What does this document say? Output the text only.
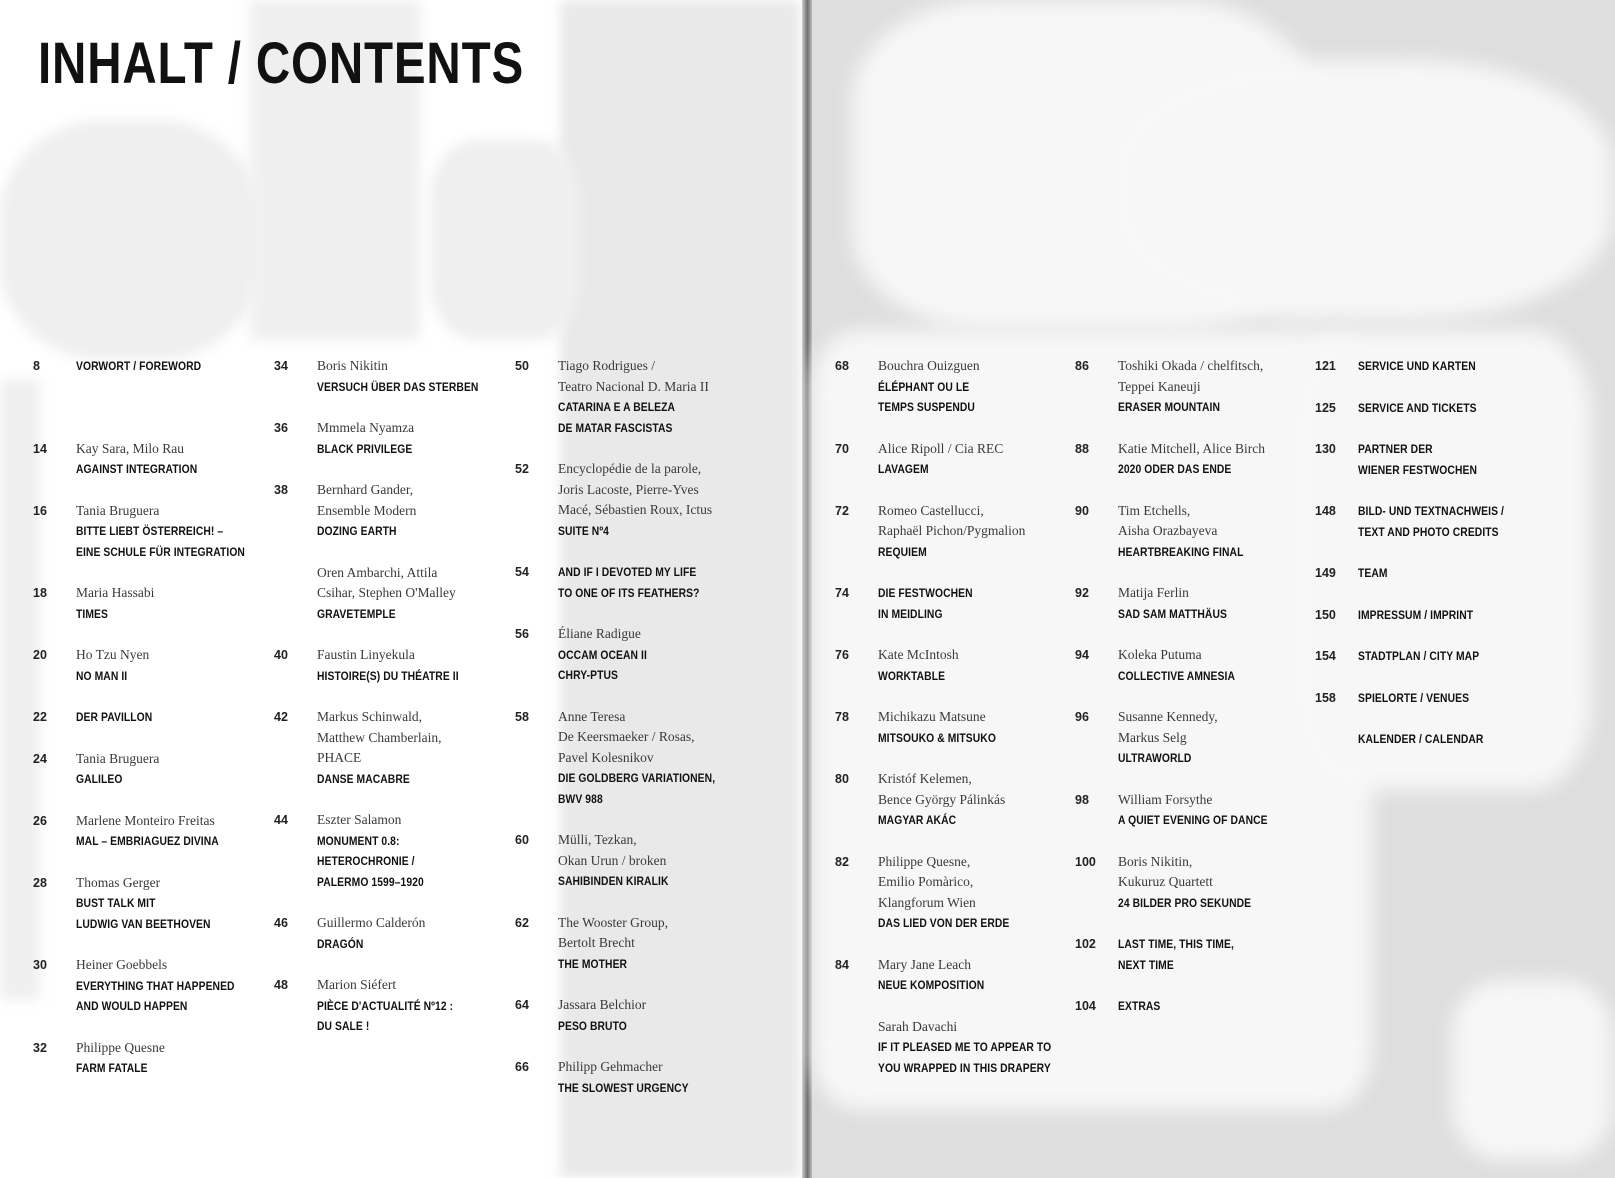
INHALT / CONTENTS
8	VORWORT / FOREWORD
14 Kay Sara, Milo Rau
AGAINST INTEGRATION
16 Tania Bruguera
BITTE LIEBT ÖSTERREICH! –
EINE SCHULE FÜR INTEGRATION
18 Maria Hassabi
TIMES
20 Ho Tzu Nyen
NO MAN II
22 DER PAVILLON
24 Tania Bruguera
GALILEO
26 Marlene Monteiro Freitas
MAL – EMBRIAGUEZ DIVINA
28 Thomas Gerger
BUST TALK MIT
LUDWIG VAN BEETHOVEN
30 Heiner Goebbels
EVERYTHING THAT HAPPENED
AND WOULD HAPPEN
32 Philippe Quesne
FARM FATALE
34 Boris Nikitin
VERSUCH ÜBER DAS STERBEN
36 Mmmela Nyamza
BLACK PRIVILEGE
38 Bernhard Gander,
Ensemble Modern
DOZING EARTH
Oren Ambarchi, Attila
Csihar, Stephen O'Malley
GRAVETEMPLE
40 Faustin Linyekula
HISTOIRE(S) DU THÉATRE II
42 Markus Schinwald,
Matthew Chamberlain,
PHACE
DANSE MACABRE
44 Eszter Salamon
MONUMENT 0.8:
HETEROCHRONIE /
PALERMO 1599–1920
46 Guillermo Calderón
DRAGÓN
48 Marion Siéfert
PIÈCE D'ACTUALITÉ Nº12 :
DU SALE !
50 Tiago Rodrigues /
Teatro Nacional D. Maria II
CATARINA E A BELEZA
DE MATAR FASCISTAS
52 Encyclopédie de la parole,
Joris Lacoste, Pierre-Yves
Macé, Sébastien Roux, Ictus
SUITE Nº4
54 AND IF I DEVOTED MY LIFE
TO ONE OF ITS FEATHERS?
56 Éliane Radigue
OCCAM OCEAN II
CHRY-PTUS
58 Anne Teresa
De Keersmaeker / Rosas,
Pavel Kolesnikov
DIE GOLDBERG VARIATIONEN,
BWV 988
60 Mülli, Tezkan,
Okan Urun / broken
SAHIBINDEN KIRALIK
62 The Wooster Group,
Bertolt Brecht
THE MOTHER
64 Jassara Belchior
PESO BRUTO
66 Philipp Gehmacher
THE SLOWEST URGENCY
68 Bouchra Ouizguen
ÉLÉPHANT OU LE
TEMPS SUSPENDU
70 Alice Ripoll / Cia REC
LAVAGEM
72 Romeo Castellucci,
Raphaël Pichon/Pygmalion
REQUIEM
74 DIE FESTWOCHEN
IN MEIDLING
76 Kate McIntosh
WORKTABLE
78 Michikazu Matsune
MITSOUKO & MITSUKO
80 Kristóf Kelemen,
Bence György Pálinkás
MAGYAR AKÁC
82 Philippe Quesne,
Emilio Pomàrico,
Klangforum Wien
DAS LIED VON DER ERDE
84 Mary Jane Leach
NEUE KOMPOSITION
Sarah Davachi
IF IT PLEASED ME TO APPEAR TO
YOU WRAPPED IN THIS DRAPERY
86 Toshiki Okada / chelfitsch,
Teppei Kaneuji
ERASER MOUNTAIN
88 Katie Mitchell, Alice Birch
2020 ODER DAS ENDE
90 Tim Etchells,
Aisha Orazbayeva
HEARTBREAKING FINAL
92 Matija Ferlin
SAD SAM MATTHÄUS
94 Koleka Putuma
COLLECTIVE AMNESIA
96 Susanne Kennedy,
Markus Selg
ULTRAWORLD
98 William Forsythe
A QUIET EVENING OF DANCE
100 Boris Nikitin,
Kukuruz Quartett
24 BILDER PRO SEKUNDE
102 LAST TIME, THIS TIME,
NEXT TIME
104 EXTRAS
121 SERVICE UND KARTEN
125 SERVICE AND TICKETS
130 PARTNER DER
WIENER FESTWOCHEN
148 BILD- UND TEXTNACHWEIS /
TEXT AND PHOTO CREDITS
149 TEAM
150 IMPRESSUM / IMPRINT
154 STADTPLAN / CITY MAP
158 SPIELORTE / VENUES
KALENDER / CALENDAR
